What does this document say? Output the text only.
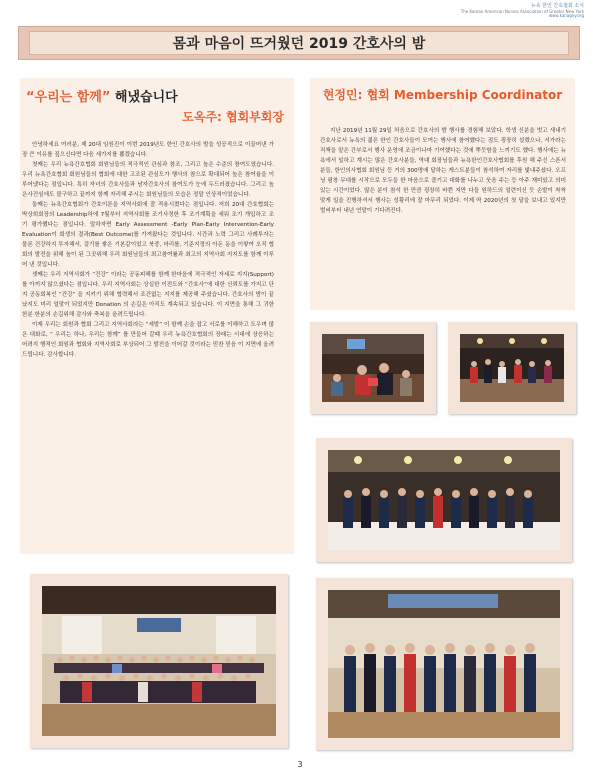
뉴욕 한인 간호협회 소식
The Korean American Nurses Association of Greater New York
www.kanagny.org
몸과 마음이 뜨거웠던 2019 간호사의 밤
“우리는 함께” 해냈습니다
도옥주: 협회부회장

안녕하세요 여러분, 제 20대 임원진이 이번 2019년도 한인 간호사의 밤을 성공적으로 이끌어낸 가장 큰 이유를 짚으신다면 다음 세가지를 뽑겠습니다.

첫째는 우리 뉴욕간호협회 회원님들의 적극적인 관심과 참조, 그리고 높은 수준의 참여도였습니다. 우리 뉴욕간호협회 회원님들의 협회에 대한 고조된 관심도가 행사의 참으로 확대되어 높은 참여율을 이루어냈다는 점입니다. 특히 자녀의 간호사들과 남자간호사의 참여도가 눈에 두드러졌습니다. 그리고 높은사건임에도 불구하고 끝까지 함께 자리해 주시는 회원님들의 모습은 정말 인상적이었습니다.

둘째는 뉴욕간호협회가 간호이론을 지역사회에 잘 적용시켰다는 점입니다. 저희 20대 간호협회는 박상희회장의 Leadership하에 7월부터 지역사회를 조기사정한 후 조기계획을 세워 조기 개입하고 조기 평가했다는 점입니다. 말하자면 Early Assessment -Early Plan-Early Intervention-Early Evaluation이 회생의 결과(Best Outcome)를 가져왔다는 것입니다. 시간과 노력 그리고 사례투자는 물론 건강하지 투자해서, 걸기를 쌓은 기본같이었고 북중, 마리를, 기준지정의 아돈 동을 이쌓여 오직 협회의 발전을 위해 높이 된 그곳위해 우리 회원님들의 최고참여률과 최고의 지역사회 지지도를 함께 이루어 낸 것입니다.

셋째는 우리 지역사회가 “건강” 이라는 공동피해를 함께 한마음에 적극적인 자세로 지지(Support)를 아끼지 않으셨다는 점입니다. 우리 지역사회는 상실한 이전도와 “간호사”에 대한 신뢰도를 가지고 단지 공동회복인 “건강” 을 지키기 위해 협력해서 조건없는 지지를 제공해 주셨습니다. 간호사의 밤이 끝났지도 미리 얼맞이 되었지만 Donation 의 손길은 아직도 계속되고 있습니다. 이 지면을 통해 그 귀한 한분 한분의 손길위해 감사와 축복을 올려드립니다.

이제 우리는 회원과 협회 그리고 지역사회라는 “세발” 이 함께 손을 잡고 서로를 이해하고 도우며 많은 대화로, “ 우리는 하나, 우리는 함께” 를 만들어 갈때 우리 뉴욕간호협회의 장래는 시대에 상응하는 어려지 행적인 회원과 협회와 지역사회로 부상되어 그 발전을 이어갈 것이라는 믿찬 믿음 이 지면에 올려드립니다. 감사합니다.

현정민: 협회 Membership Coordinator

지난 2019년 11월 29일 처음으로 간호사의 밤 행사를 경험해 보았다. 학생 신분을 벗고 새내기 간호사로서 뉴욕의 젊은 한인 간호사들이 모여는 행사에 참여했다는 점도 굉장히 설렜으나, 서가라는 직책을 맡은 간부로서 행사 운영에 조금이나마 기여했다는 것에 뿌듯함을 느끼기도 했다. 행사에는 뉴욕에서 일하고 계시는 많은 간호사분들, 역대 회장님들과 뉴욕한인간호사협회를 후원 해 주신 스폰서분들, 한인의사협회 회원님 등 거의 300명에 달하는 게스트분들이 참석하여 자리를 빛내주셨다. 오프닝 평창 무대를 시작으로 모두들 한 마음으로 즐기고 대화를 나누고 웃음 주는 등 아주 재미있고 의미 있는 시간이었다. 많은 분이 참석 한 만큼 굉장히 바쁜 지만 다들 원하드의 얼련이신 듯 손발이 착착 맞게 일을 진행하셔서 행사는 성황리에 잘 마무리 되었다. 이제 딱 2020년의 첫 달을 보내고 있지만 벌써부터 내년 연말이 기다려진다.

3
